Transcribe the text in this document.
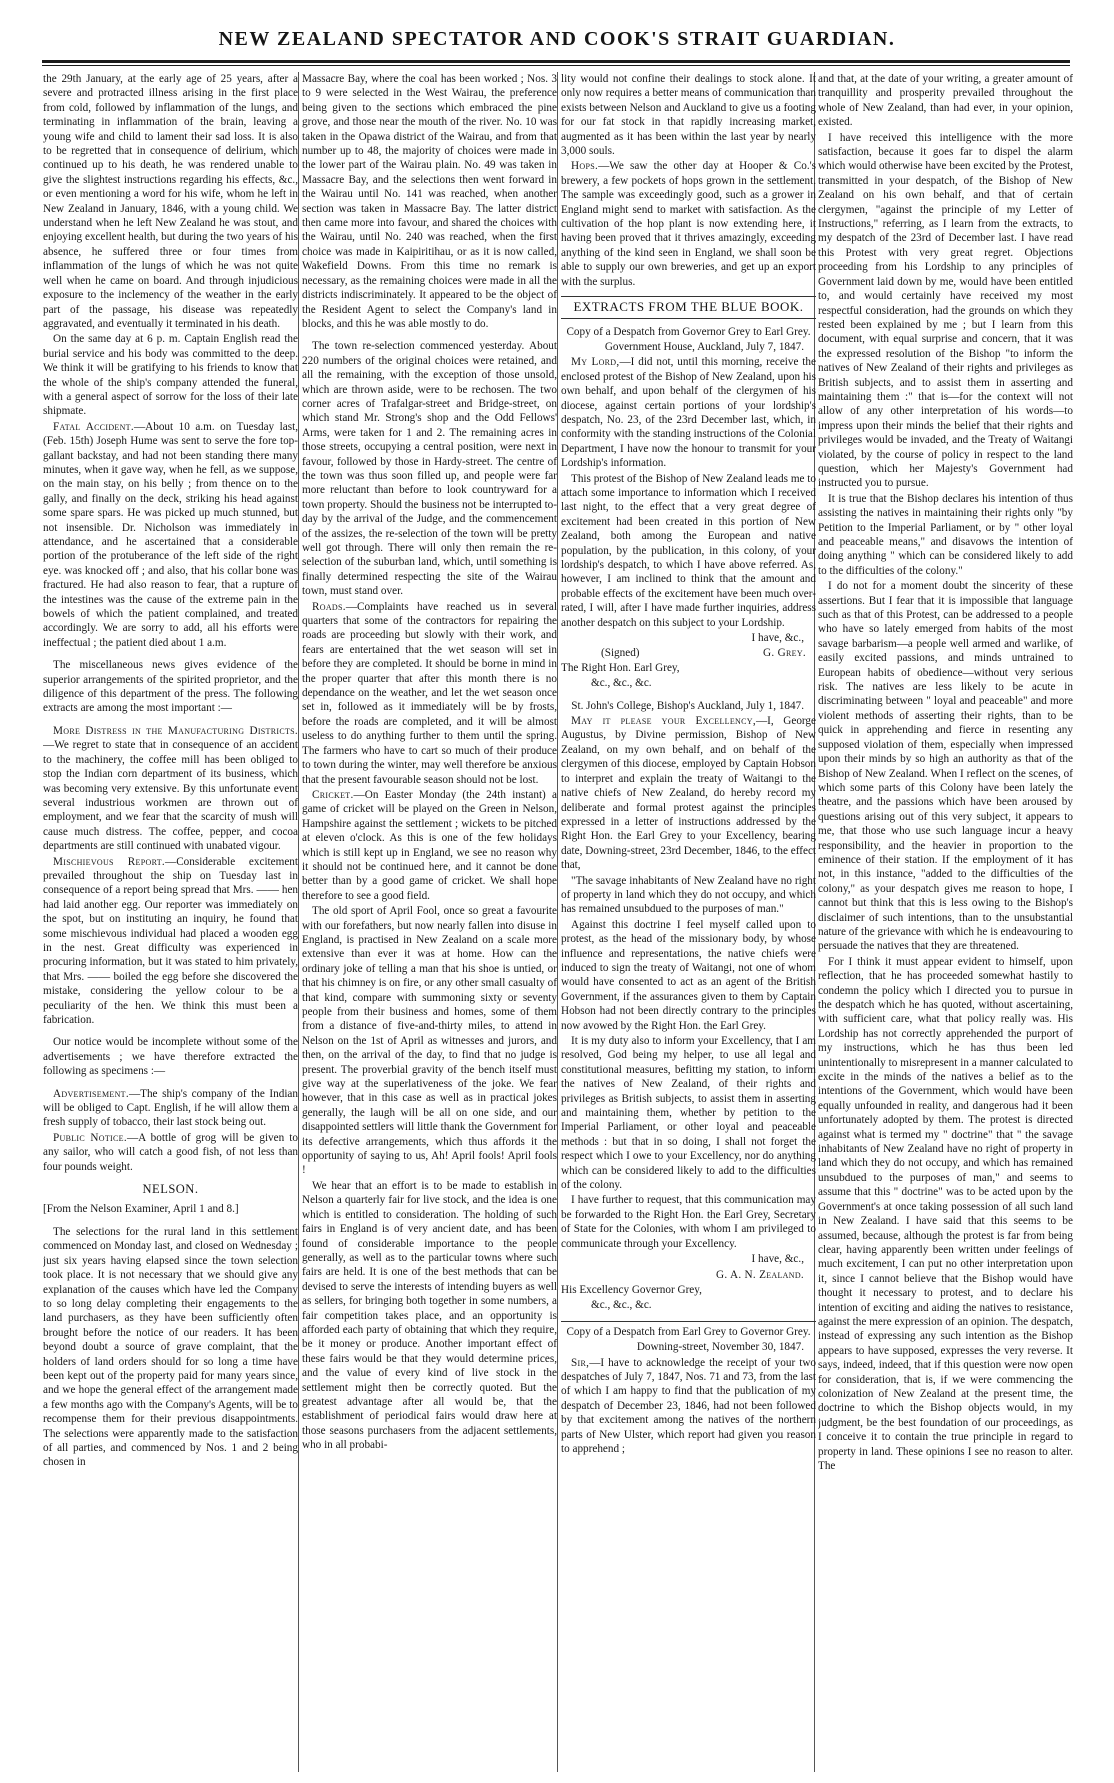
NEW ZEALAND SPECTATOR AND COOK'S STRAIT GUARDIAN.

the 29th January, at the early age of 25 years, after a severe and protracted illness arising in the first place from cold, followed by inflammation of the lungs, and terminating in inflammation of the brain, leaving a young wife and child to lament their sad loss. It is also to be regretted that in consequence of delirium, which continued up to his death, he was rendered unable to give the slightest instructions regarding his effects, &c., or even mentioning a word for his wife, whom he left in New Zealand in January, 1846, with a young child. We understand when he left New Zealand he was stout, and enjoying excellent health, but during the two years of his absence, he suffered three or four times from inflammation of the lungs of which he was not quite well when he came on board. And through injudicious exposure to the inclemency of the weather in the early part of the passage, his disease was repeatedly aggravated, and eventually it terminated in his death.

On the same day at 6 p. m. Captain English read the burial service and his body was committed to the deep. We think it will be gratifying to his friends to know that the whole of the ship's company attended the funeral, with a general aspect of sorrow for the loss of their late shipmate.

Fatal Accident.—About 10 a.m. on Tuesday last, (Feb. 15th) Joseph Hume was sent to serve the fore top-gallant backstay, and had not been standing there many minutes, when it gave way, when he fell, as we suppose, on the main stay, on his belly ; from thence on to the gally, and finally on the deck, striking his head against some spare spars. He was picked up much stunned, but not insensible. Dr. Nicholson was immediately in attendance, and he ascertained that a considerable portion of the protuberance of the left side of the right eye. was knocked off ; and also, that his collar bone was fractured. He had also reason to fear, that a rupture of the intestines was the cause of the extreme pain in the bowels of which the patient complained, and treated accordingly. We are sorry to add, all his efforts were ineffectual ; the patient died about 1 a.m.

The miscellaneous news gives evidence of the superior arrangements of the spirited proprietor, and the diligence of this department of the press. The following extracts are among the most important :—

More Distress in the Manufacturing Districts.—We regret to state that in consequence of an accident to the machinery, the coffee mill has been obliged to stop the Indian corn department of its business, which was becoming very extensive. By this unfortunate event several industrious workmen are thrown out of employment, and we fear that the scarcity of mush will cause much distress. The coffee, pepper, and cocoa departments are still continued with unabated vigour.

Mischievous Report.—Considerable excitement prevailed throughout the ship on Tuesday last in consequence of a report being spread that Mrs. —— hen had laid another egg. Our reporter was immediately on the spot, but on instituting an inquiry, he found that some mischievous individual had placed a wooden egg in the nest. Great difficulty was experienced in procuring information, but it was stated to him privately, that Mrs. —— boiled the egg before she discovered the mistake, considering the yellow colour to be a peculiarity of the hen. We think this must been a fabrication.

Our notice would be incomplete without some of the advertisements ; we have therefore extracted the following as specimens :—

Advertisement.—The ship's company of the Indian will be obliged to Capt. English, if he will allow them a fresh supply of tobacco, their last stock being out.

Public Notice.—A bottle of grog will be given to any sailor, who will catch a good fish, of not less than four pounds weight.

NELSON.

[From the Nelson Examiner, April 1 and 8.]

The selections for the rural land in this settlement commenced on Monday last, and closed on Wednesday ; just six years having elapsed since the town selection took place. It is not necessary that we should give any explanation of the causes which have led the Company to so long delay completing their engagements to the land purchasers, as they have been sufficiently often brought before the notice of our readers. It has been beyond doubt a source of grave complaint, that the holders of land orders should for so long a time have been kept out of the property paid for many years since, and we hope the general effect of the arrangement made a few months ago with the Company's Agents, will be to recompense them for their previous disappointments. The selections were apparently made to the satisfaction of all parties, and commenced by Nos. 1 and 2 being chosen in

Massacre Bay, where the coal has been worked ; Nos. 3 to 9 were selected in the West Wairau, the preference being given to the sections which embraced the pine grove, and those near the mouth of the river. No. 10 was taken in the Opawa district of the Wairau, and from that number up to 48, the majority of choices were made in the lower part of the Wairau plain. No. 49 was taken in Massacre Bay, and the selections then went forward in the Wairau until No. 141 was reached, when another section was taken in Massacre Bay. The latter district then came more into favour, and shared the choices with the Wairau, until No. 240 was reached, when the first choice was made in Kaipiritihau, or as it is now called, Wakefield Downs. From this time no remark is necessary, as the remaining choices were made in all the districts indiscriminately. It appeared to be the object of the Resident Agent to select the Company's land in blocks, and this he was able mostly to do.

The town re-selection commenced yesterday. About 220 numbers of the original choices were retained, and all the remaining, with the exception of those unsold, which are thrown aside, were to be rechosen. The two corner acres of Trafalgar-street and Bridge-street, on which stand Mr. Strong's shop and the Odd Fellows' Arms, were taken for 1 and 2. The remaining acres in those streets, occupying a central position, were next in favour, followed by those in Hardy-street. The centre of the town was thus soon filled up, and people were far more reluctant than before to look countryward for a town property. Should the business not be interrupted to-day by the arrival of the Judge, and the commencement of the assizes, the re-selection of the town will be pretty well got through. There will only then remain the re-selection of the suburban land, which, until something is finally determined respecting the site of the Wairau town, must stand over.

Roads.—Complaints have reached us in several quarters that some of the contractors for repairing the roads are proceeding but slowly with their work, and fears are entertained that the wet season will set in before they are completed. It should be borne in mind in the proper quarter that after this month there is no dependance on the weather, and let the wet season once set in, followed as it immediately will be by frosts, before the roads are completed, and it will be almost useless to do anything further to them until the spring. The farmers who have to cart so much of their produce to town during the winter, may well therefore be anxious that the present favourable season should not be lost.

Cricket.—On Easter Monday (the 24th instant) a game of cricket will be played on the Green in Nelson, Hampshire against the settlement ; wickets to be pitched at eleven o'clock. As this is one of the few holidays which is still kept up in England, we see no reason why it should not be continued here, and it cannot be done better than by a good game of cricket. We shall hope therefore to see a good field.

The old sport of April Fool, once so great a favourite with our forefathers, but now nearly fallen into disuse in England, is practised in New Zealand on a scale more extensive than ever it was at home. How can the ordinary joke of telling a man that his shoe is untied, or that his chimney is on fire, or any other small casualty of that kind, compare with summoning sixty or seventy people from their business and homes, some of them from a distance of five-and-thirty miles, to attend in Nelson on the 1st of April as witnesses and jurors, and then, on the arrival of the day, to find that no judge is present. The proverbial gravity of the bench itself must give way at the superlativeness of the joke. We fear however, that in this case as well as in practical jokes generally, the laugh will be all on one side, and our disappointed settlers will little thank the Government for its defective arrangements, which thus affords it the opportunity of saying to us, Ah! April fools! April fools !

We hear that an effort is to be made to establish in Nelson a quarterly fair for live stock, and the idea is one which is entitled to consideration. The holding of such fairs in England is of very ancient date, and has been found of considerable importance to the people generally, as well as to the particular towns where such fairs are held. It is one of the best methods that can be devised to serve the interests of intending buyers as well as sellers, for bringing both together in some numbers, a fair competition takes place, and an opportunity is afforded each party of obtaining that which they require, be it money or produce. Another important effect of these fairs would be that they would determine prices, and the value of every kind of live stock in the settlement might then be correctly quoted. But the greatest advantage after all would be, that the establishment of periodical fairs would draw here at those seasons purchasers from the adjacent settlements, who in all probabi-

lity would not confine their dealings to stock alone. It only now requires a better means of communication than exists between Nelson and Auckland to give us a footing for our fat stock in that rapidly increasing market, augmented as it has been within the last year by nearly 3,000 souls.

Hops.—We saw the other day at Hooper & Co.'s brewery, a few pockets of hops grown in the settlement. The sample was exceedingly good, such as a grower in England might send to market with satisfaction. As the cultivation of the hop plant is now extending here, it having been proved that it thrives amazingly, exceeding anything of the kind seen in England, we shall soon be able to supply our own breweries, and get up an export with the surplus.

EXTRACTS FROM THE BLUE BOOK.

Copy of a Despatch from Governor Grey to Earl Grey.

Government House, Auckland, July 7, 1847.

My Lord,—I did not, until this morning, receive the enclosed protest of the Bishop of New Zealand, upon his own behalf, and upon behalf of the clergymen of his diocese, against certain portions of your lordship's despatch, No. 23, of the 23rd December last, which, in conformity with the standing instructions of the Colonial Department, I have now the honour to transmit for your Lordship's information.

This protest of the Bishop of New Zealand leads me to attach some importance to information which I received last night, to the effect that a very great degree of excitement had been created in this portion of New Zealand, both among the European and native population, by the publication, in this colony, of your lordship's despatch, to which I have above referred. As, however, I am inclined to think that the amount and probable effects of the excitement have been much over-rated, I will, after I have made further inquiries, address another despatch on this subject to your Lordship.

I have, &c.,

(Signed)	G. Grey.

The Right Hon. Earl Grey,

&c., &c., &c.

St. John's College, Bishop's Auckland, July 1, 1847.

May it please your Excellency,—I, George Augustus, by Divine permission, Bishop of New Zealand, on my own behalf, and on behalf of the clergymen of this diocese, employed by Captain Hobson to interpret and explain the treaty of Waitangi to the native chiefs of New Zealand, do hereby record my deliberate and formal protest against the principles expressed in a letter of instructions addressed by the Right Hon. the Earl Grey to your Excellency, bearing date, Downing-street, 23rd December, 1846, to the effect that,

"The savage inhabitants of New Zealand have no right of property in land which they do not occupy, and which has remained unsubdued to the purposes of man."

Against this doctrine I feel myself called upon to protest, as the head of the missionary body, by whose influence and representations, the native chiefs were induced to sign the treaty of Waitangi, not one of whom would have consented to act as an agent of the British Government, if the assurances given to them by Captain Hobson had not been directly contrary to the principles now avowed by the Right Hon. the Earl Grey.

It is my duty also to inform your Excellency, that I am resolved, God being my helper, to use all legal and constitutional measures, befitting my station, to inform the natives of New Zealand, of their rights and privileges as British subjects, to assist them in asserting and maintaining them, whether by petition to the Imperial Parliament, or other loyal and peaceable methods : but that in so doing, I shall not forget the respect which I owe to your Excellency, nor do anything which can be considered likely to add to the difficulties of the colony.

I have further to request, that this communication may be forwarded to the Right Hon. the Earl Grey, Secretary of State for the Colonies, with whom I am privileged to communicate through your Excellency.

I have, &c.,

G. A. N. Zealand.

His Excellency Governor Grey,

&c., &c., &c.

Copy of a Despatch from Earl Grey to Governor Grey.

Downing-street, November 30, 1847.

Sir,—I have to acknowledge the receipt of your two despatches of July 7, 1847, Nos. 71 and 73, from the last of which I am happy to find that the publication of my despatch of December 23, 1846, had not been followed by that excitement among the natives of the northern parts of New Ulster, which report had given you reason to apprehend ;

and that, at the date of your writing, a greater amount of tranquillity and prosperity prevailed throughout the whole of New Zealand, than had ever, in your opinion, existed.

I have received this intelligence with the more satisfaction, because it goes far to dispel the alarm which would otherwise have been excited by the Protest, transmitted in your despatch, of the Bishop of New Zealand on his own behalf, and that of certain clergymen, "against the principle of my Letter of Instructions," referring, as I learn from the extracts, to my despatch of the 23rd of December last. I have read this Protest with very great regret. Objections proceeding from his Lordship to any principles of Government laid down by me, would have been entitled to, and would certainly have received my most respectful consideration, had the grounds on which they rested been explained by me ; but I learn from this document, with equal surprise and concern, that it was the expressed resolution of the Bishop "to inform the natives of New Zealand of their rights and privileges as British subjects, and to assist them in asserting and maintaining them :" that is—for the context will not allow of any other interpretation of his words—to impress upon their minds the belief that their rights and privileges would be invaded, and the Treaty of Waitangi violated, by the course of policy in respect to the land question, which her Majesty's Government had instructed you to pursue.

It is true that the Bishop declares his intention of thus assisting the natives in maintaining their rights only "by Petition to the Imperial Parliament, or by " other loyal and peaceable means," and disavows the intention of doing anything " which can be considered likely to add to the difficulties of the colony."

I do not for a moment doubt the sincerity of these assertions. But I fear that it is impossible that language such as that of this Protest, can be addressed to a people who have so lately emerged from habits of the most savage barbarism—a people well armed and warlike, of easily excited passions, and minds untrained to European habits of obedience—without very serious risk. The natives are less likely to be acute in discriminating between " loyal and peaceable" and more violent methods of asserting their rights, than to be quick in apprehending and fierce in resenting any supposed violation of them, especially when impressed upon their minds by so high an authority as that of the Bishop of New Zealand. When I reflect on the scenes, of which some parts of this Colony have been lately the theatre, and the passions which have been aroused by questions arising out of this very subject, it appears to me, that those who use such language incur a heavy responsibility, and the heavier in proportion to the eminence of their station. If the employment of it has not, in this instance, "added to the difficulties of the colony," as your despatch gives me reason to hope, I cannot but think that this is less owing to the Bishop's disclaimer of such intentions, than to the unsubstantial nature of the grievance with which he is endeavouring to persuade the natives that they are threatened.

For I think it must appear evident to himself, upon reflection, that he has proceeded somewhat hastily to condemn the policy which I directed you to pursue in the despatch which he has quoted, without ascertaining, with sufficient care, what that policy really was. His Lordship has not correctly apprehended the purport of my instructions, which he has thus been led unintentionally to misrepresent in a manner calculated to excite in the minds of the natives a belief as to the intentions of the Government, which would have been equally unfounded in reality, and dangerous had it been unfortunately adopted by them. The protest is directed against what is termed my " doctrine" that " the savage inhabitants of New Zealand have no right of property in land which they do not occupy, and which has remained unsubdued to the purposes of man," and seems to assume that this " doctrine" was to be acted upon by the Government's at once taking possession of all such land in New Zealand. I have said that this seems to be assumed, because, although the protest is far from being clear, having apparently been written under feelings of much excitement, I can put no other interpretation upon it, since I cannot believe that the Bishop would have thought it necessary to protest, and to declare his intention of exciting and aiding the natives to resistance, against the mere expression of an opinion. The despatch, instead of expressing any such intention as the Bishop appears to have supposed, expresses the very reverse. It says, indeed, indeed, that if this question were now open for consideration, that is, if we were commencing the colonization of New Zealand at the present time, the doctrine to which the Bishop objects would, in my judgment, be the best foundation of our proceedings, as I conceive it to contain the true principle in regard to property in land. These opinions I see no reason to alter. The
